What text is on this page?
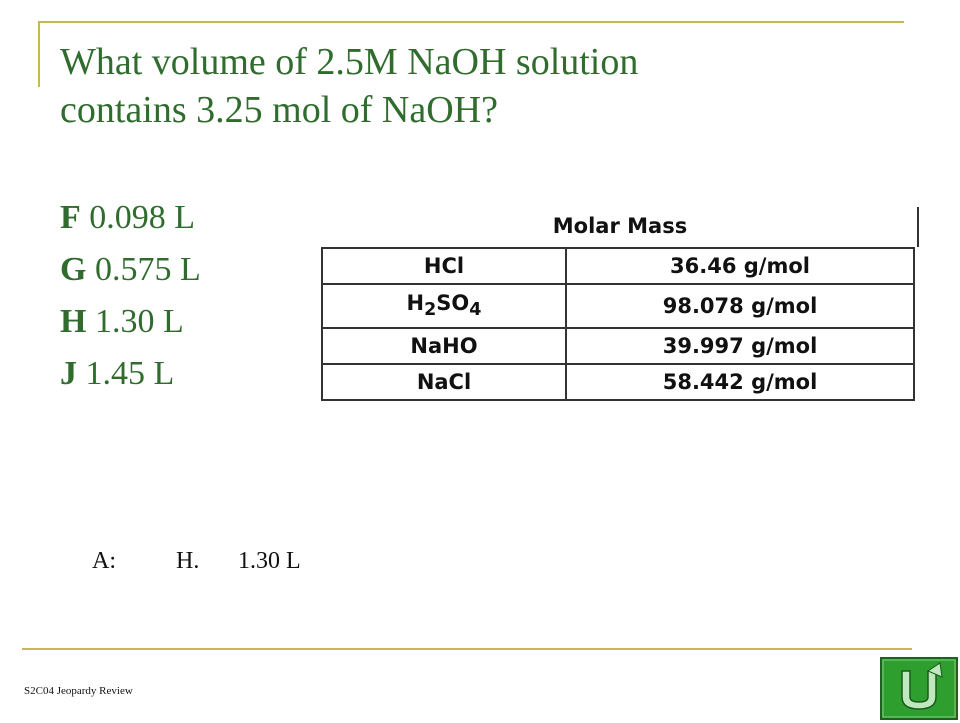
What volume of 2.5M NaOH solution
contains 3.25 mol of NaOH?
F 0.098 L
G 0.575 L
H 1.30 L
J 1.45 L
Molar Mass
HCl	36.46 g/mol
$H_2SO_4$	98.078 g/mol
NaHO	39.997 g/mol
NaCl	58.442 g/mol
A:	H. 1.30 L
S2C04 Jeopardy Review
